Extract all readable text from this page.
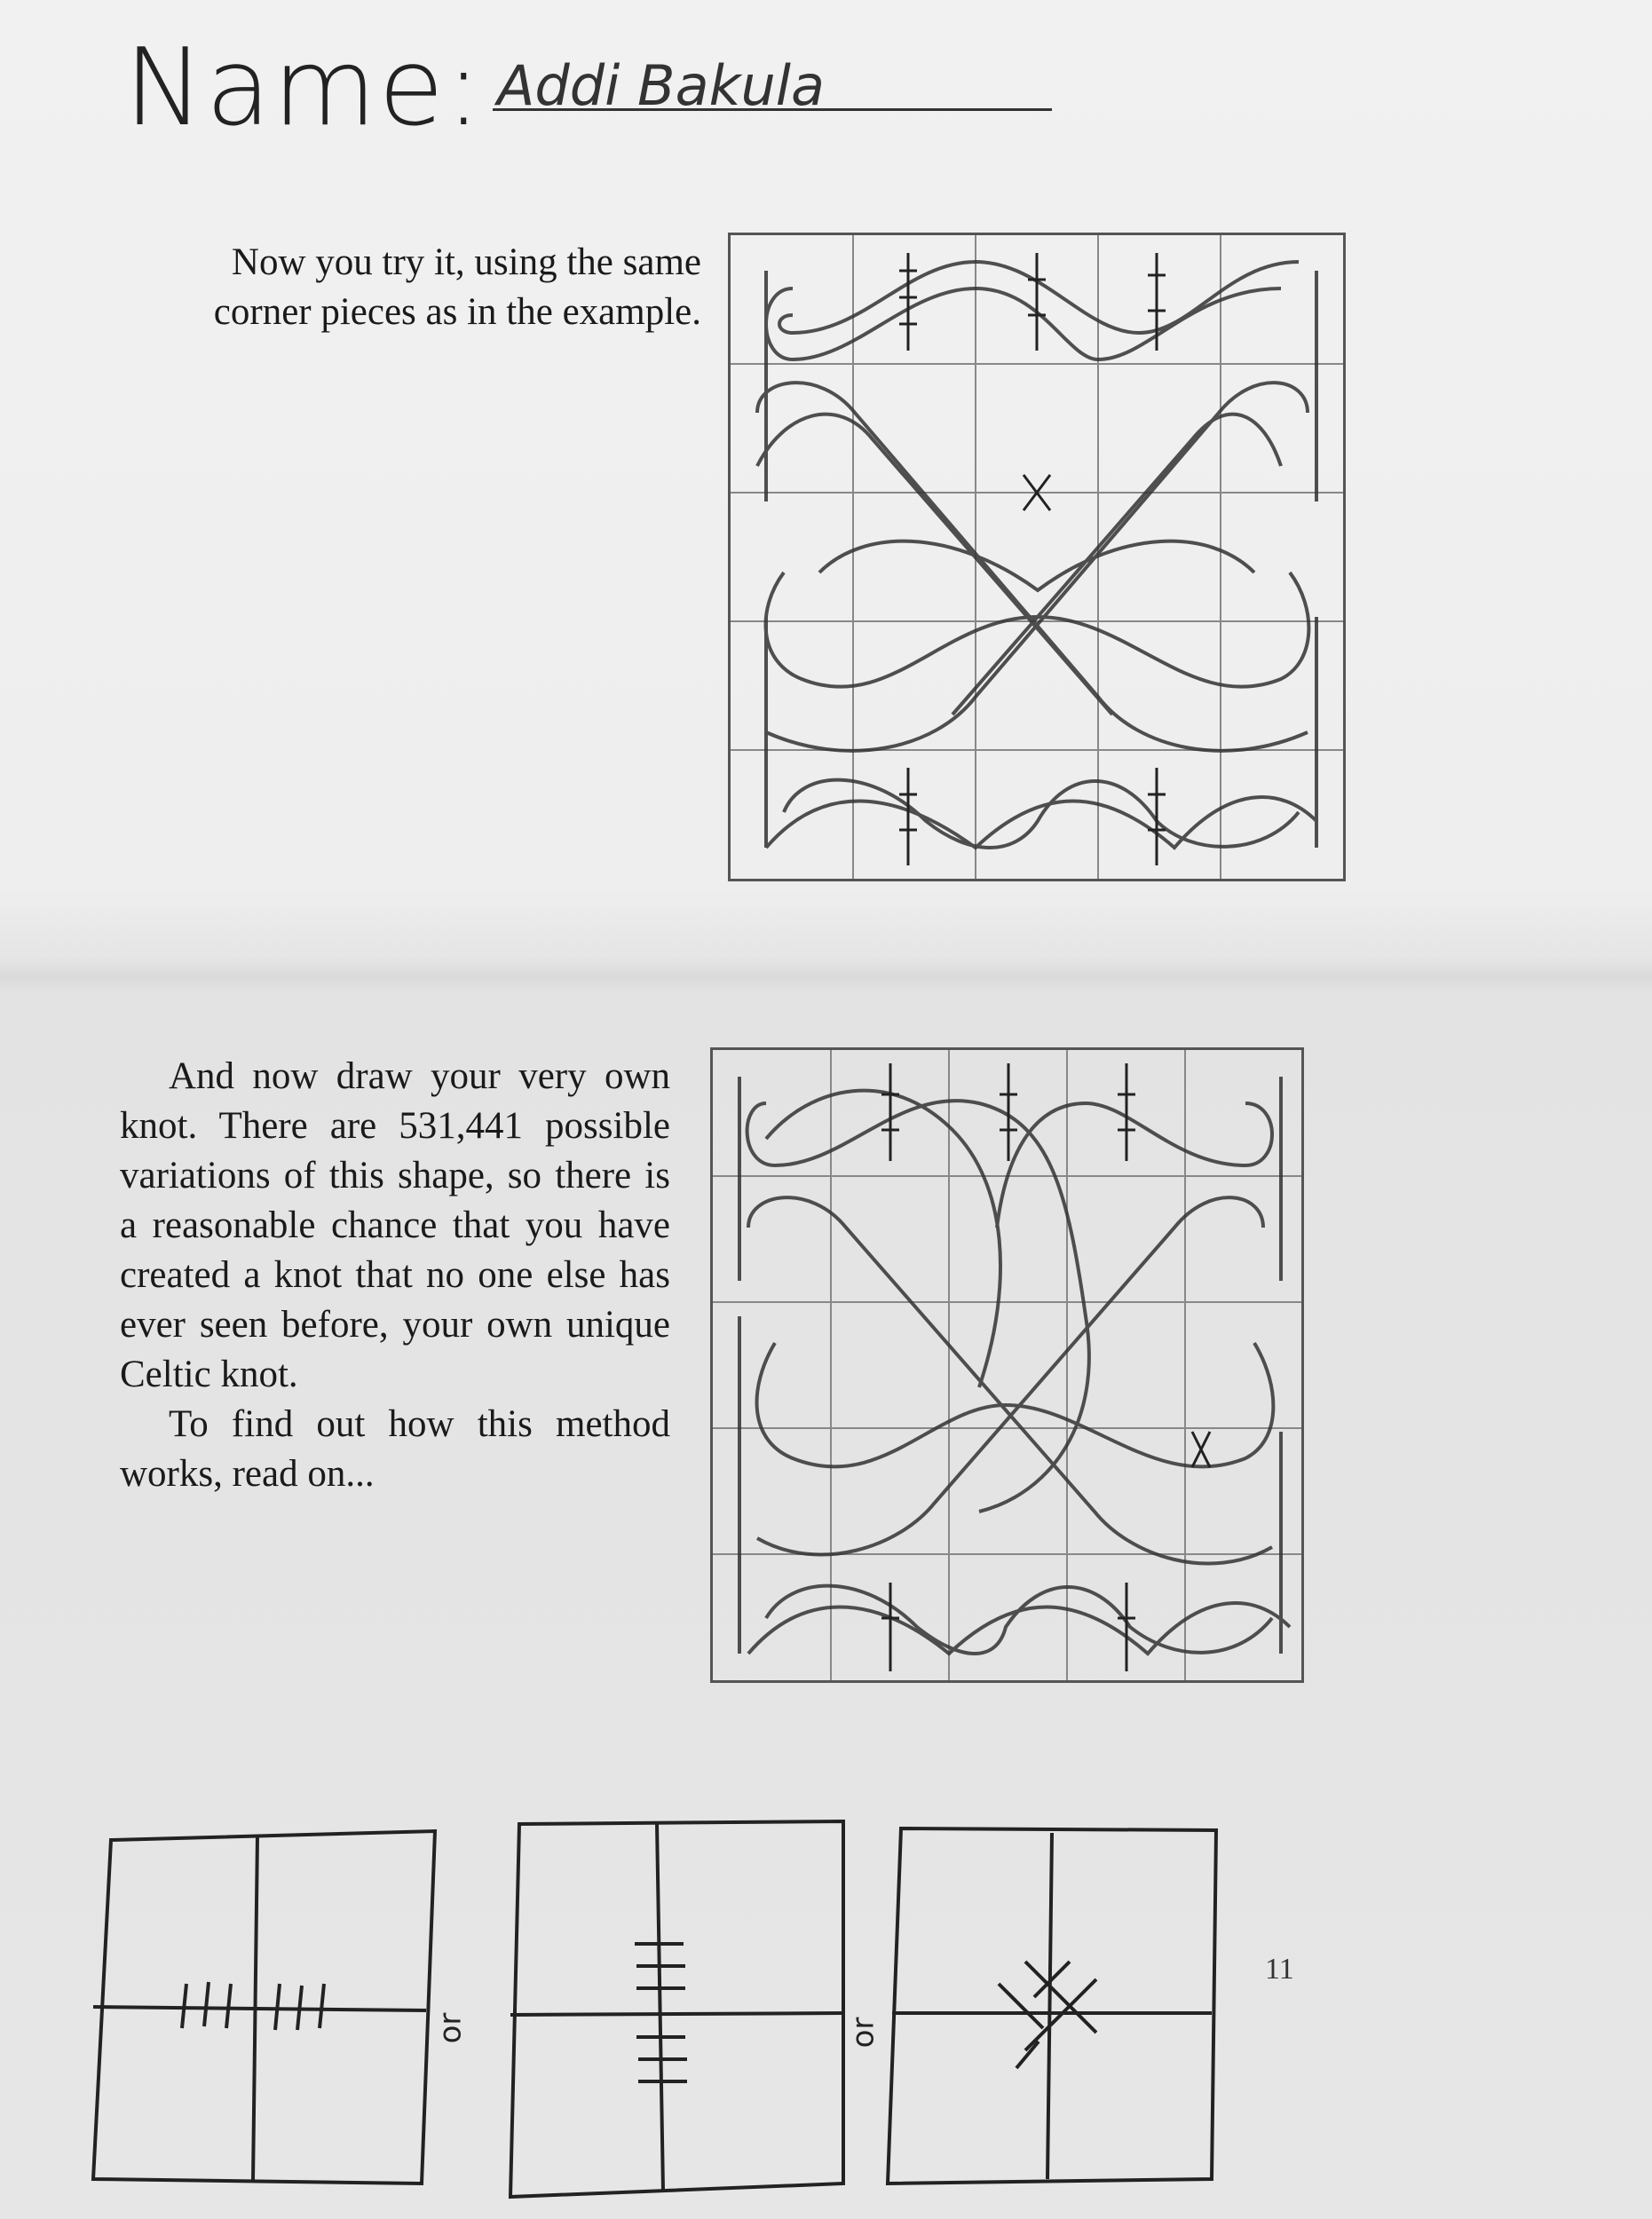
Name: Addi Bakula
Now you try it, using the same corner pieces as in the example.

And now draw your very own knot. There are 531,441 possible variations of this shape, so there is a reasonable chance that you have created a knot that no one else has ever seen before, your own unique Celtic knot.

To find out how this method works, read on...

or	or
11
